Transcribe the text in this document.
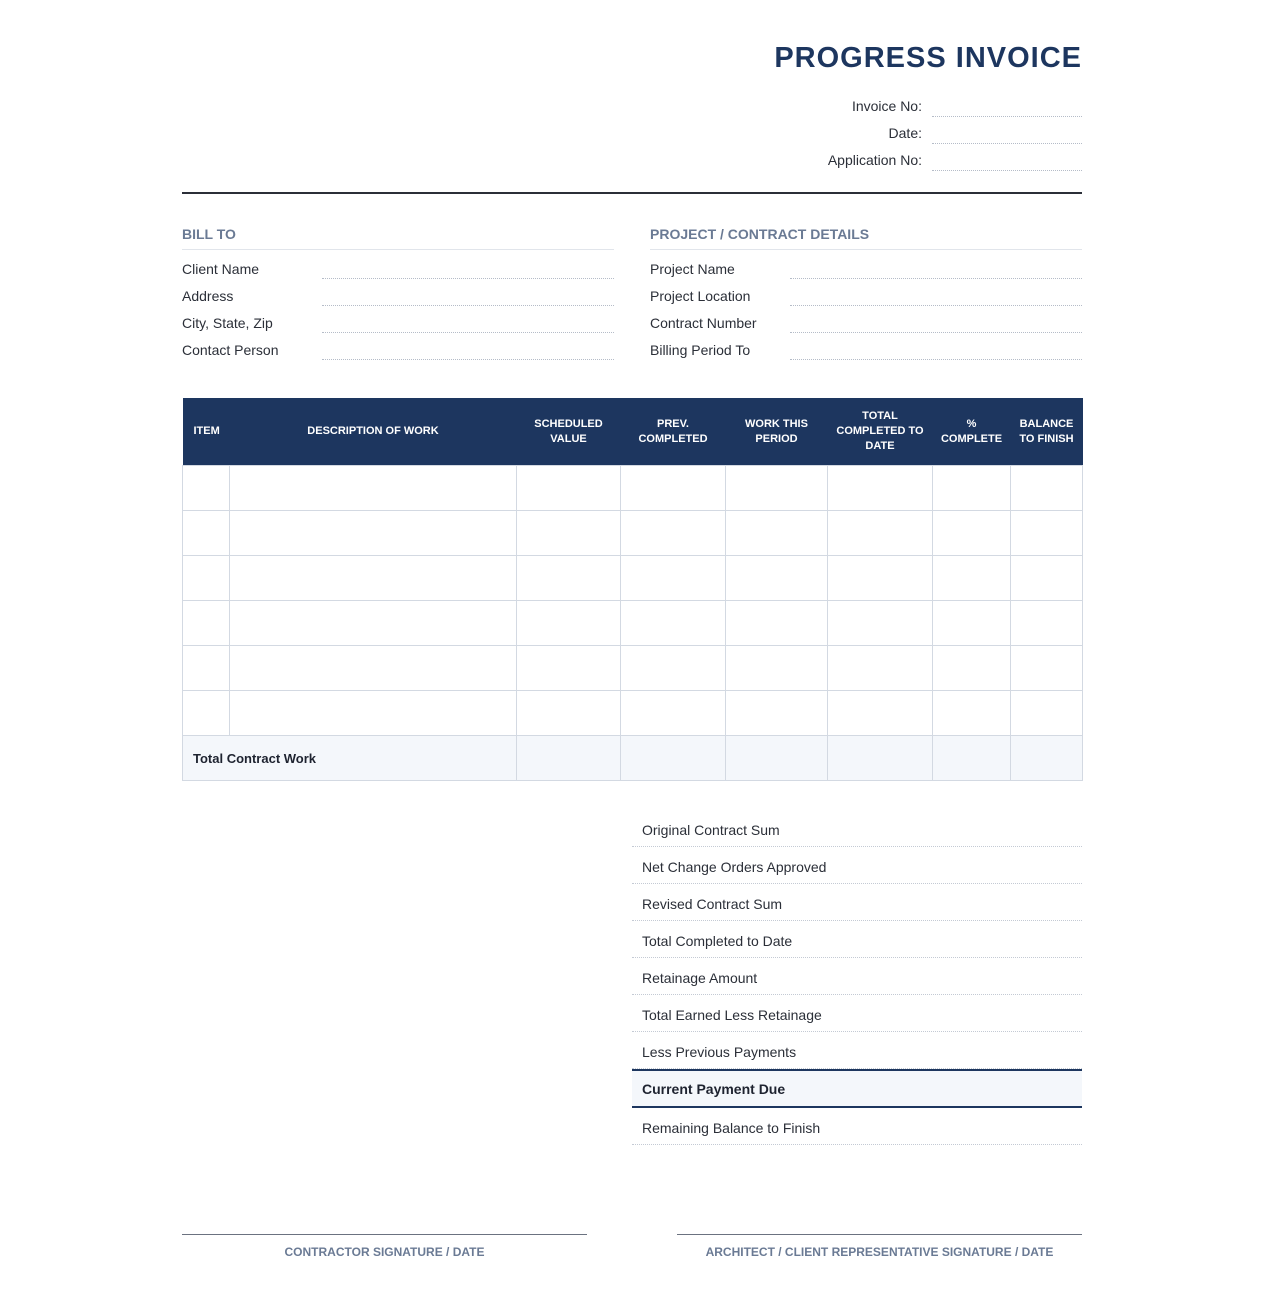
PROGRESS INVOICE
Invoice No:
Date:
Application No:
BILL TO
Client Name
Address
City, State, Zip
Contact Person
PROJECT / CONTRACT DETAILS
Project Name
Project Location
Contract Number
Billing Period To
ITEM	DESCRIPTION OF WORK	SCHEDULED VALUE	PREV. COMPLETED	WORK THIS PERIOD	TOTAL COMPLETED TO DATE	% COMPLETE	BALANCE TO FINISH

Total Contract Work							
Original Contract Sum
Net Change Orders Approved
Revised Contract Sum
Total Completed to Date
Retainage Amount
Total Earned Less Retainage
Less Previous Payments
Current Payment Due
Remaining Balance to Finish
CONTRACTOR SIGNATURE / DATE	ARCHITECT / CLIENT REPRESENTATIVE SIGNATURE / DATE
